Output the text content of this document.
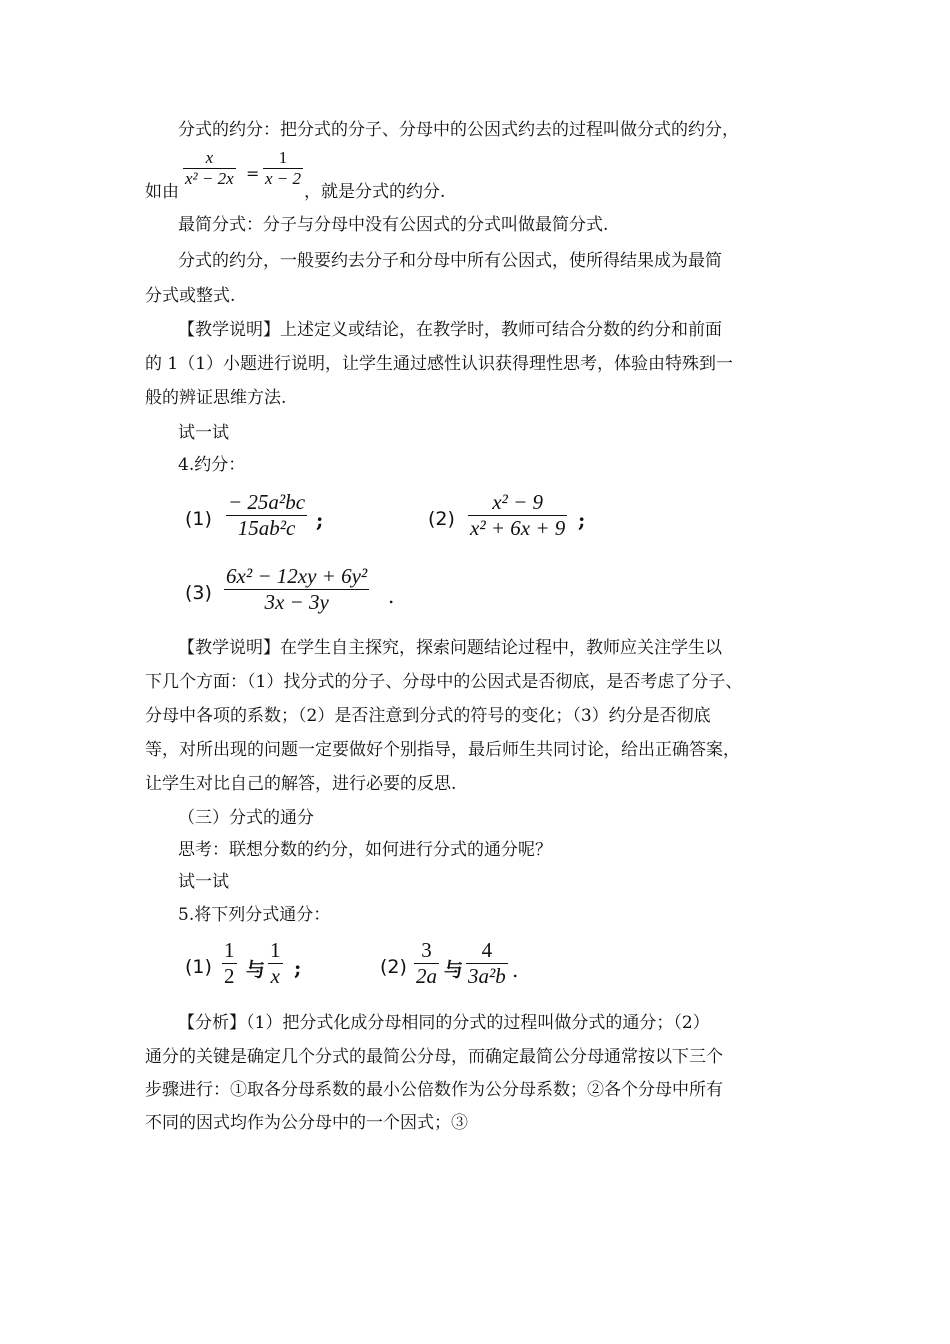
分式的约分：把分式的分子、分母中的公因式约去的过程叫做分式的约分，
如由
x
x² − 2x =
1
x − 2
，就是分式的约分.
最简分式：分子与分母中没有公因式的分式叫做最简分式.
分式的约分，一般要约去分子和分母中所有公因式，使所得结果成为最简
分式或整式.
【教学说明】上述定义或结论，在教学时，教师可结合分数的约分和前面
的 1（1）小题进行说明，让学生通过感性认识获得理性思考，体验由特殊到一
般的辨证思维方法.
试一试
4.约分：
(1)
− 25a²bc
15ab²c ;	(2)
x² − 9
x² + 6x + 9 ;
(3)
6x² − 12xy + 6y²
3x − 3y	.
【教学说明】在学生自主探究，探索问题结论过程中，教师应关注学生以
下几个方面：（1）找分式的分子、分母中的公因式是否彻底，是否考虑了分子、
分母中各项的系数；（2）是否注意到分式的符号的变化；（3）约分是否彻底
等，对所出现的问题一定要做好个别指导，最后师生共同讨论，给出正确答案，
让学生对比自己的解答，进行必要的反思.
（三）分式的通分
思考：联想分数的约分，如何进行分式的通分呢？
试一试
5.将下列分式通分：
(1)
1
2 与
1
x ;	(2)
3
2a 与
4
3a²b .
【分析】（1）把分式化成分母相同的分式的过程叫做分式的通分；（2）
通分的关键是确定几个分式的最简公分母，而确定最简公分母通常按以下三个
步骤进行：①取各分母系数的最小公倍数作为公分母系数；②各个分母中所有
不同的因式均作为公分母中的一个因式；③
